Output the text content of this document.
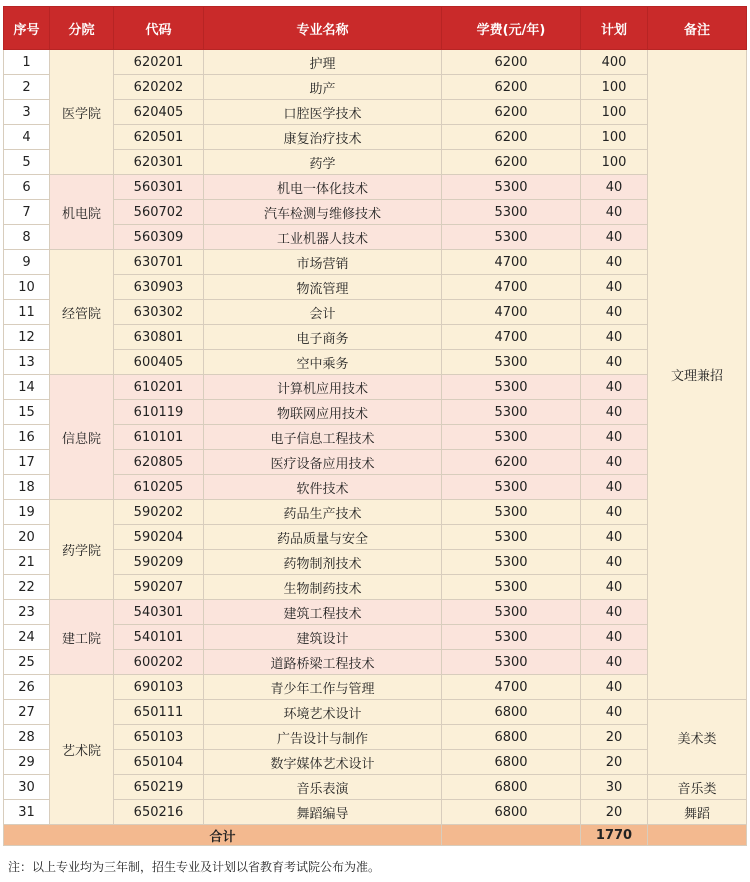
序号	分院	代码	专业名称	学费(元/年)	计划	备注
1	医学院	620201	护理	6200	400	文理兼招
2		620202	助产	6200	100	
3		620405	口腔医学技术	6200	100	
4		620501	康复治疗技术	6200	100	
5		620301	药学	6200	100	
6	机电院	560301	机电一体化技术	5300	40	
7		560702	汽车检测与维修技术	5300	40	
8		560309	工业机器人技术	5300	40	
9	经管院	630701	市场营销	4700	40	
10		630903	物流管理	4700	40	
11		630302	会计	4700	40	
12		630801	电子商务	4700	40	
13		600405	空中乘务	5300	40	
14	信息院	610201	计算机应用技术	5300	40	
15		610119	物联网应用技术	5300	40	
16		610101	电子信息工程技术	5300	40	
17		620805	医疗设备应用技术	6200	40	
18		610205	软件技术	5300	40	
19	药学院	590202	药品生产技术	5300	40	
20		590204	药品质量与安全	5300	40	
21		590209	药物制剂技术	5300	40	
22		590207	生物制药技术	5300	40	
23	建工院	540301	建筑工程技术	5300	40	
24		540101	建筑设计	5300	40	
25		600202	道路桥梁工程技术	5300	40	
26	艺术院	690103	青少年工作与管理	4700	40	
27		650111	环境艺术设计	6800	40	美术类
28		650103	广告设计与制作	6800	20	
29		650104	数字媒体艺术设计	6800	20	
30		650219	音乐表演	6800	30	音乐类
31		650216	舞蹈编导	6800	20	舞蹈
合计					1770	
注：以上专业均为三年制，招生专业及计划以省教育考试院公布为准。
